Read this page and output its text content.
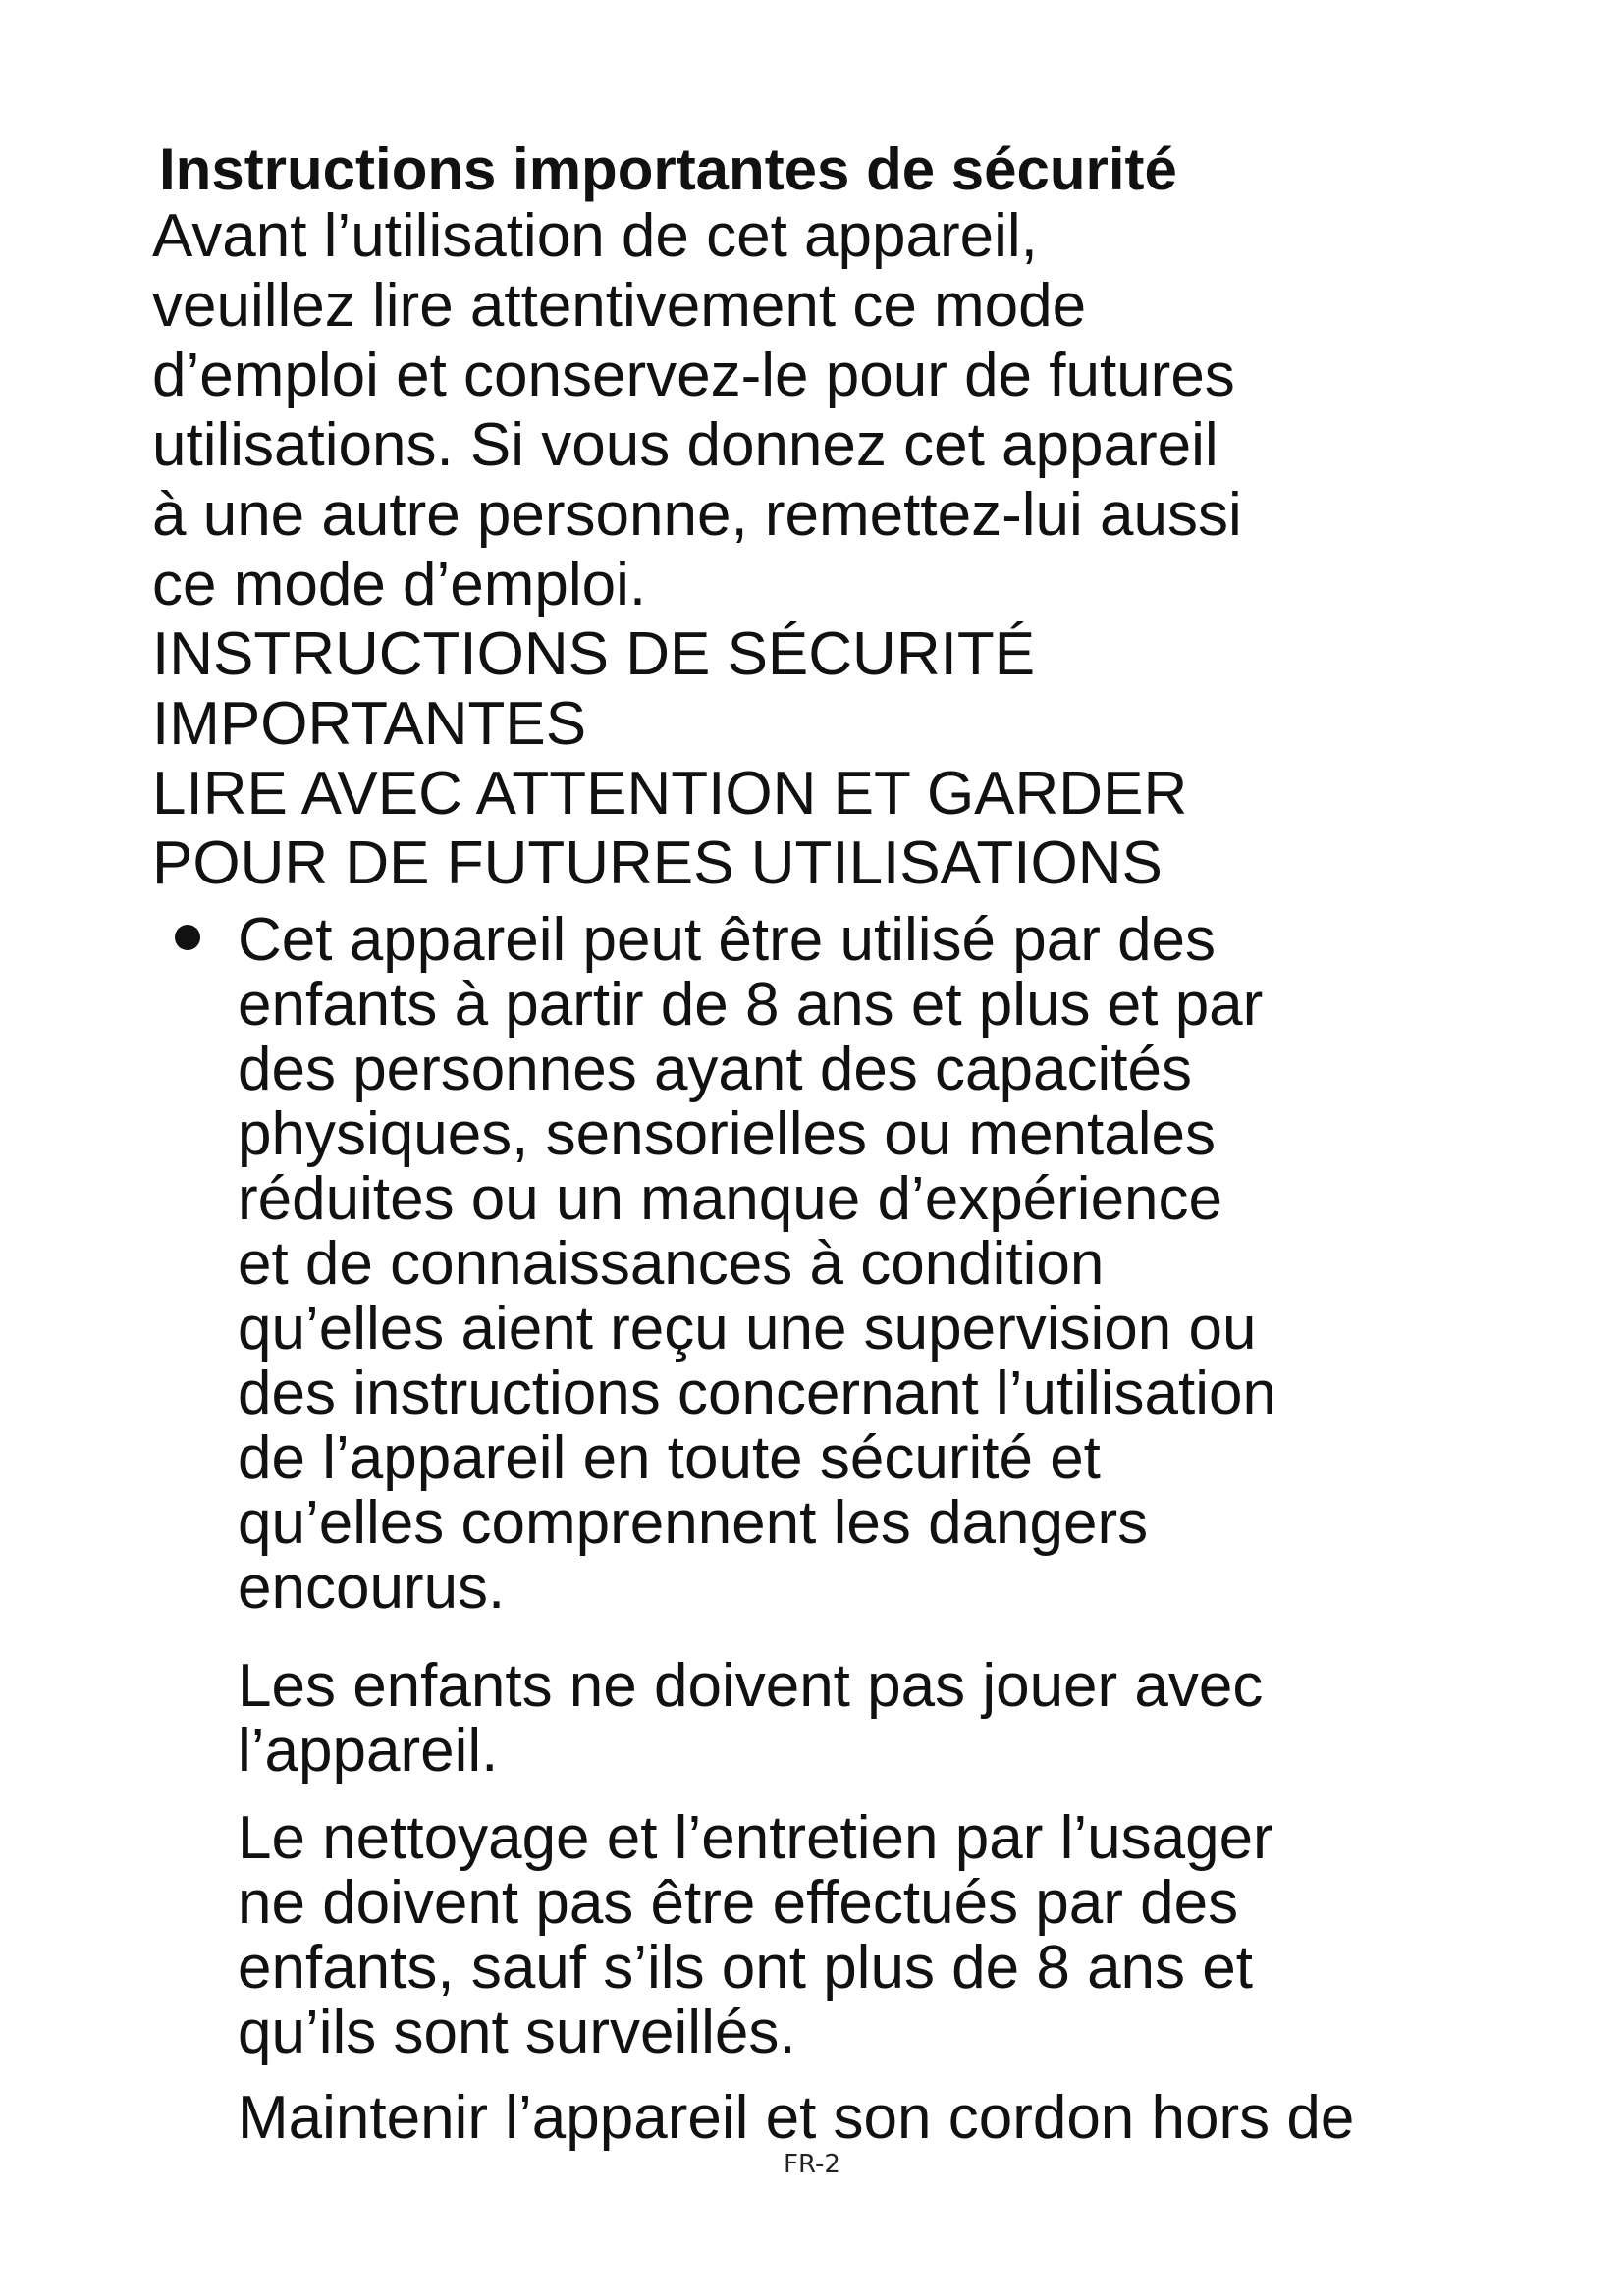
Instructions importantes de sécurité
Avant l’utilisation de cet appareil,
veuillez lire attentivement ce mode
d’emploi et conservez-le pour de futures
utilisations. Si vous donnez cet appareil
à une autre personne, remettez-lui aussi
ce mode d’emploi.
INSTRUCTIONS DE SÉCURITÉ
IMPORTANTES
LIRE AVEC ATTENTION ET GARDER
POUR DE FUTURES UTILISATIONS
Cet appareil peut être utilisé par des
enfants à partir de 8 ans et plus et par
des personnes ayant des capacités
physiques, sensorielles ou mentales
réduites ou un manque d’expérience
et de connaissances à condition
qu’elles aient reçu une supervision ou
des instructions concernant l’utilisation
de l’appareil en toute sécurité et
qu’elles comprennent les dangers
encourus.
Les enfants ne doivent pas jouer avec
l’appareil.
Le nettoyage et l’entretien par l’usager
ne doivent pas être effectués par des
enfants, sauf s’ils ont plus de 8 ans et
qu’ils sont surveillés.
Maintenir l’appareil et son cordon hors de
FR-2
